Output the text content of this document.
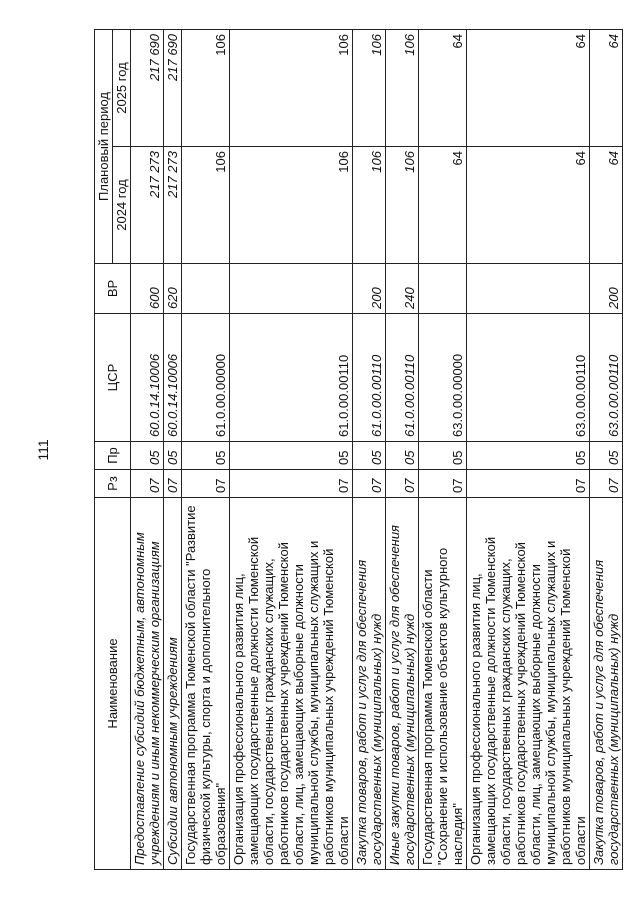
111
Наименование	Рз	Пр	ЦСР	ВР	Плановый период	
					2024 год	2025 год
Предоставление субсидий бюджетным, автономным учреждениям и иным некоммерческим организациям	07	05	60.0.14.10006	600	217 273	217 690
Субсидии автономным учреждениям	07	05	60.0.14.10006	620	217 273	217 690
Государственная программа Тюменской области "Развитие физической культуры, спорта и дополнительного образования"	07	05	61.0.00.00000		106	106
Организация профессионального развития лиц, замещающих государственные должности Тюменской области, государственных гражданских служащих, работников государственных учреждений Тюменской области, лиц, замещающих выборные должности муниципальной службы, муниципальных служащих и работников муниципальных учреждений Тюменской области	07	05	61.0.00.00110		106	106
Закупка товаров, работ и услуг для обеспечения государственных (муниципальных) нужд	07	05	61.0.00.00110	200	106	106
Иные закупки товаров, работ и услуг для обеспечения государственных (муниципальных) нужд	07	05	61.0.00.00110	240	106	106
Государственная программа Тюменской области "Сохранение и использование объектов культурного наследия"	07	05	63.0.00.00000		64	64
Организация профессионального развития лиц, замещающих государственные должности Тюменской области, государственных гражданских служащих, работников государственных учреждений Тюменской области, лиц, замещающих выборные должности муниципальной службы, муниципальных служащих и работников муниципальных учреждений Тюменской области	07	05	63.0.00.00110		64	64
Закупка товаров, работ и услуг для обеспечения государственных (муниципальных) нужд	07	05	63.0.00.00110	200	64	64
